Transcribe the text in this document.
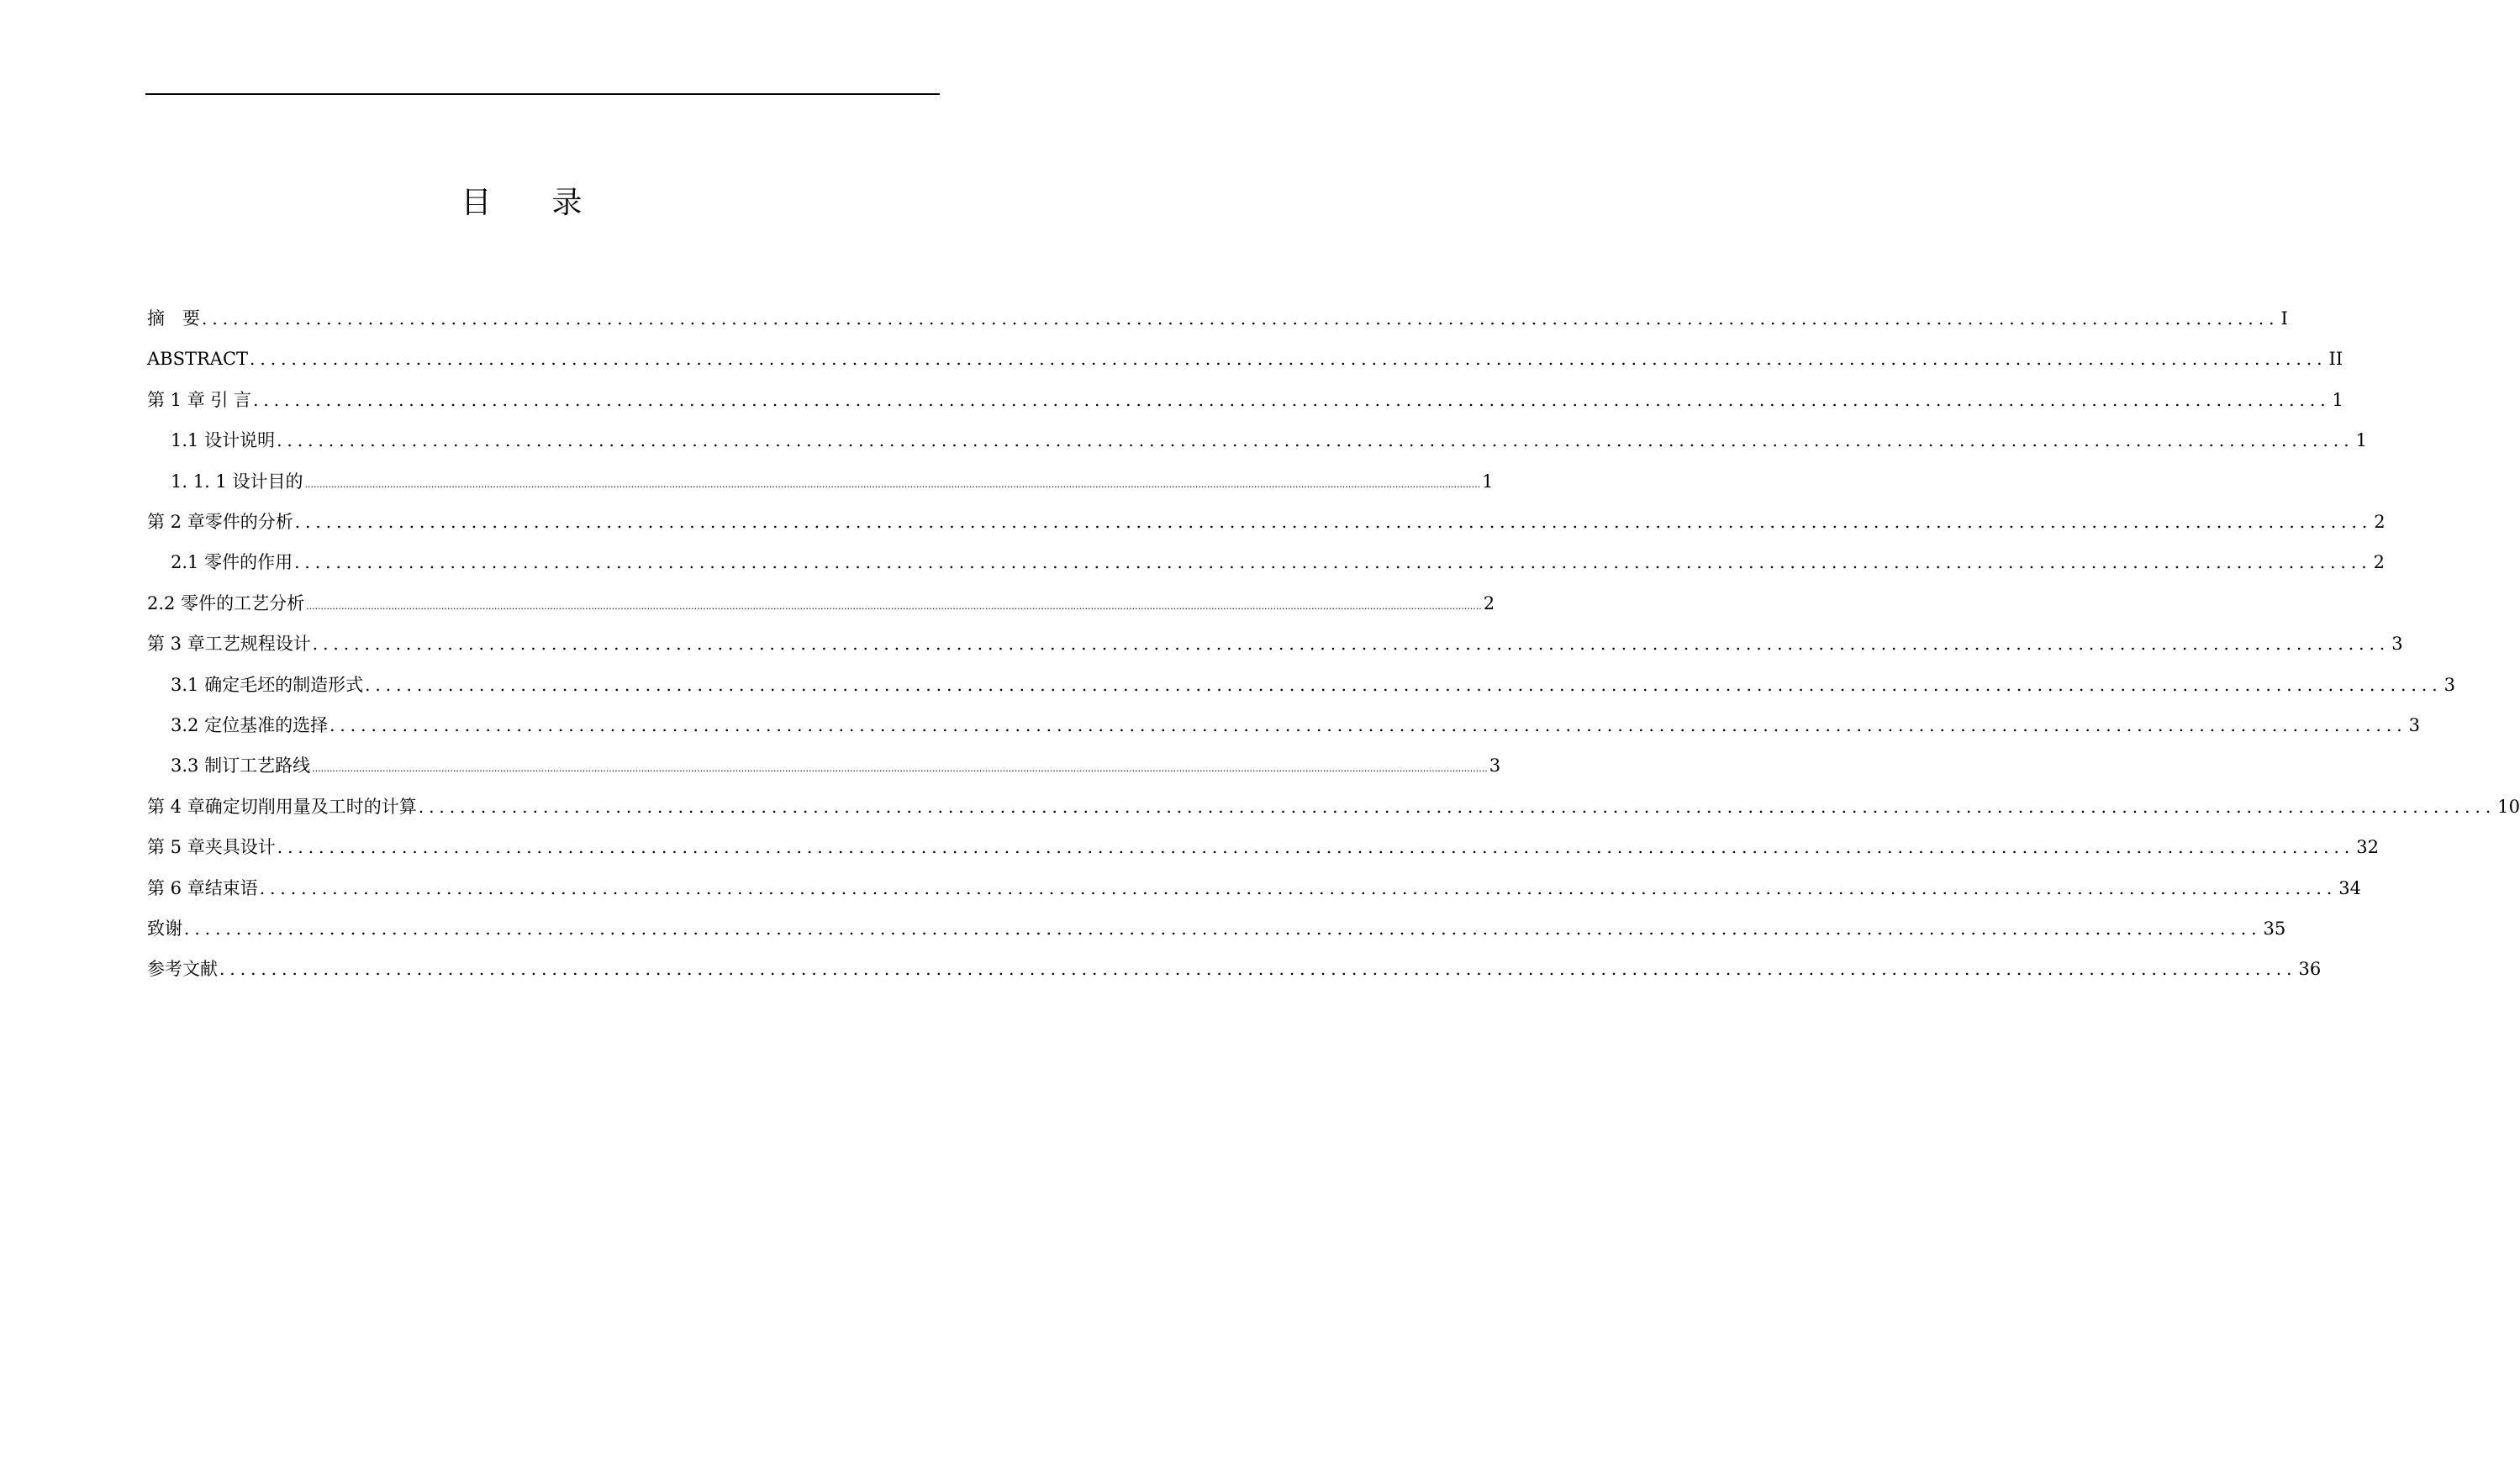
目 录
摘　要 ........................................................................................................................................................................................................ I
ABSTRACT ........................................................................................................................................................................................................ II
第 1 章 引 言 ........................................................................................................................................................................................................ 1
1.1 设计说明 ........................................................................................................................................................................................................ 1
1. 1. 1 设计目的 ................................................................................................................................................................................................................................................................................................................................................................................................................ 1
第 2 章零件的分析 ........................................................................................................................................................................................................ 2
2.1 零件的作用 ........................................................................................................................................................................................................ 2
2.2 零件的工艺分析 ................................................................................................................................................................................................................................................................................................................................................................................................................ 2
第 3 章工艺规程设计 ........................................................................................................................................................................................................ 3
3.1 确定毛坯的制造形式 ........................................................................................................................................................................................................ 3
3.2 定位基准的选择 ........................................................................................................................................................................................................ 3
3.3 制订工艺路线 ................................................................................................................................................................................................................................................................................................................................................................................................................ 3
第 4 章确定切削用量及工时的计算 ........................................................................................................................................................................................................ 10
第 5 章夹具设计 ........................................................................................................................................................................................................ 32
第 6 章结束语 ........................................................................................................................................................................................................ 34
致谢 ........................................................................................................................................................................................................ 35
参考文献 ........................................................................................................................................................................................................ 36
